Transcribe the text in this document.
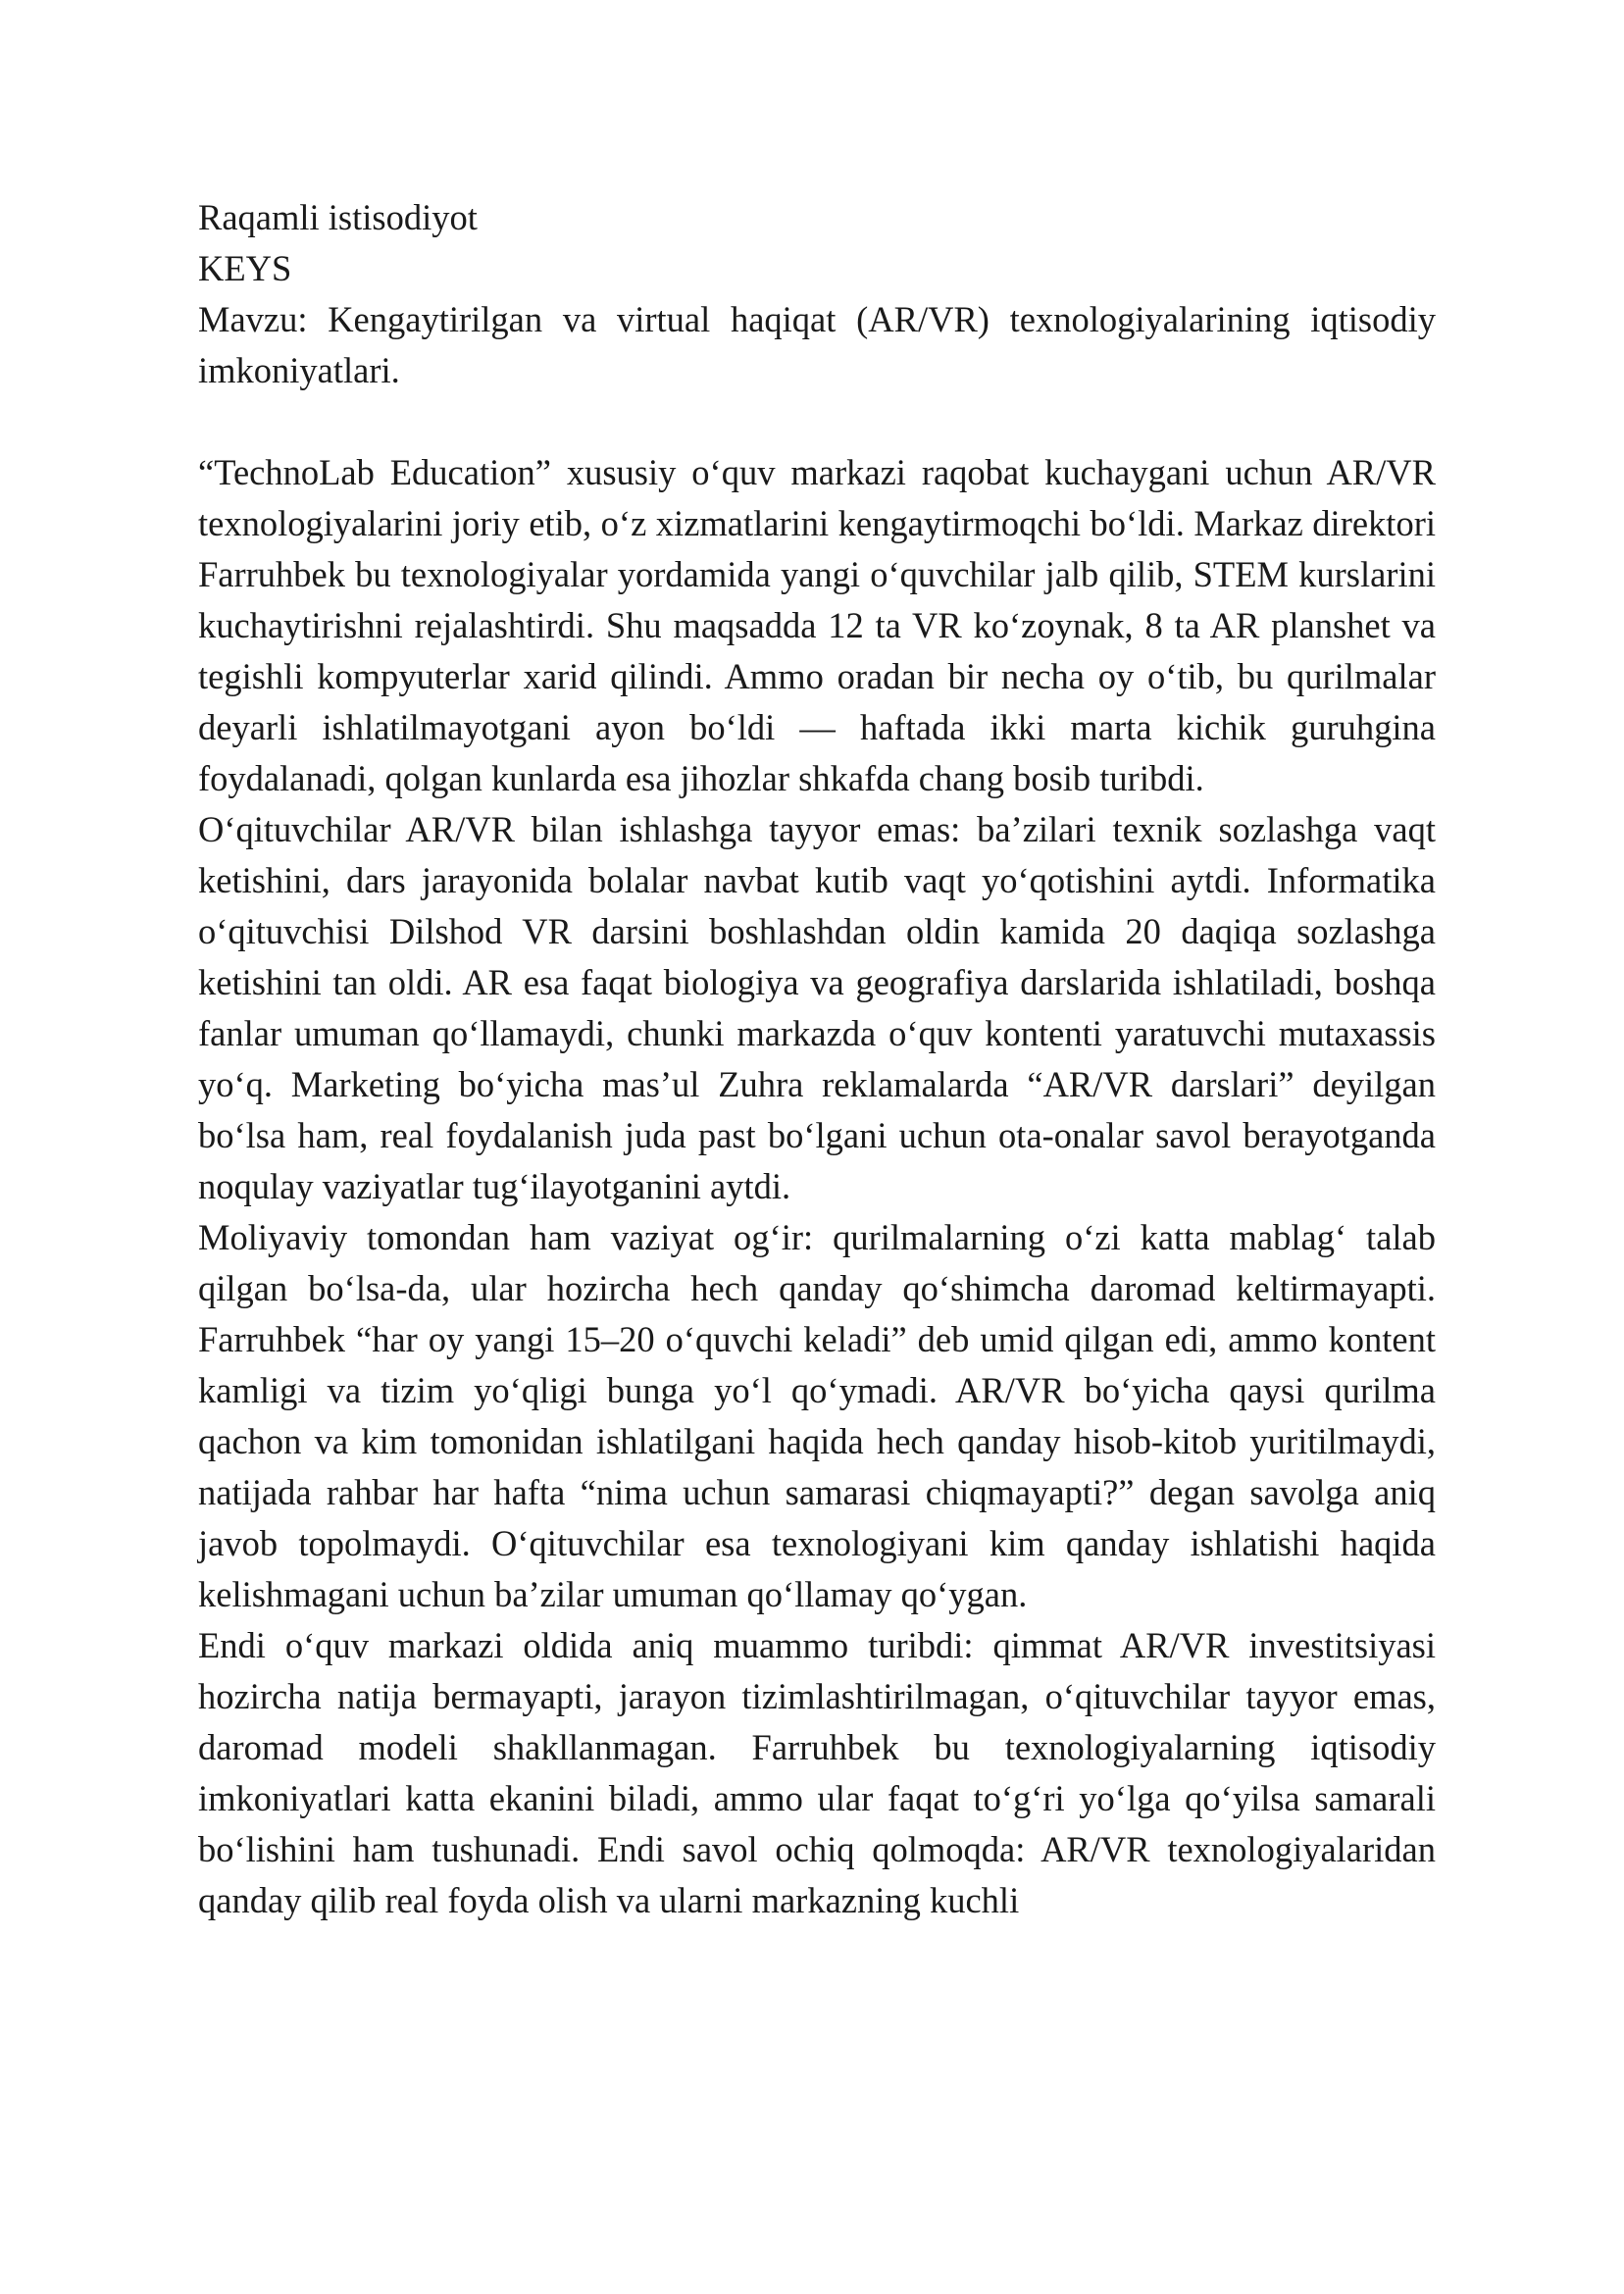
Raqamli istisodiyot

KEYS

Mavzu: Kengaytirilgan va virtual haqiqat (AR/VR) texnologiyalarining iqtisodiy imkoniyatlari.

“TechnoLab Education” xususiy o‘quv markazi raqobat kuchaygani uchun AR/VR texnologiyalarini joriy etib, o‘z xizmatlarini kengaytirmoqchi bo‘ldi. Markaz direktori Farruhbek bu texnologiyalar yordamida yangi o‘quvchilar jalb qilib, STEM kurslarini kuchaytirishni rejalashtirdi. Shu maqsadda 12 ta VR ko‘zoynak, 8 ta AR planshet va tegishli kompyuterlar xarid qilindi. Ammo oradan bir necha oy o‘tib, bu qurilmalar deyarli ishlatilmayotgani ayon bo‘ldi — haftada ikki marta kichik guruhgina foydalanadi, qolgan kunlarda esa jihozlar shkafda chang bosib turibdi.

O‘qituvchilar AR/VR bilan ishlashga tayyor emas: ba’zilari texnik sozlashga vaqt ketishini, dars jarayonida bolalar navbat kutib vaqt yo‘qotishini aytdi. Informatika o‘qituvchisi Dilshod VR darsini boshlashdan oldin kamida 20 daqiqa sozlashga ketishini tan oldi. AR esa faqat biologiya va geografiya darslarida ishlatiladi, boshqa fanlar umuman qo‘llamaydi, chunki markazda o‘quv kontenti yaratuvchi mutaxassis yo‘q. Marketing bo‘yicha mas’ul Zuhra reklamalarda “AR/VR darslari” deyilgan bo‘lsa ham, real foydalanish juda past bo‘lgani uchun ota-onalar savol berayotganda noqulay vaziyatlar tug‘ilayotganini aytdi.

Moliyaviy tomondan ham vaziyat og‘ir: qurilmalarning o‘zi katta mablag‘ talab qilgan bo‘lsa-da, ular hozircha hech qanday qo‘shimcha daromad keltirmayapti. Farruhbek “har oy yangi 15–20 o‘quvchi keladi” deb umid qilgan edi, ammo kontent kamligi va tizim yo‘qligi bunga yo‘l qo‘ymadi. AR/VR bo‘yicha qaysi qurilma qachon va kim tomonidan ishlatilgani haqida hech qanday hisob-kitob yuritilmaydi, natijada rahbar har hafta “nima uchun samarasi chiqmayapti?” degan savolga aniq javob topolmaydi. O‘qituvchilar esa texnologiyani kim qanday ishlatishi haqida kelishmagani uchun ba’zilar umuman qo‘llamay qo‘ygan.

Endi o‘quv markazi oldida aniq muammo turibdi: qimmat AR/VR investitsiyasi hozircha natija bermayapti, jarayon tizimlashtirilmagan, o‘qituvchilar tayyor emas, daromad modeli shakllanmagan. Farruhbek bu texnologiyalarning iqtisodiy imkoniyatlari katta ekanini biladi, ammo ular faqat to‘g‘ri yo‘lga qo‘yilsa samarali bo‘lishini ham tushunadi. Endi savol ochiq qolmoqda: AR/VR texnologiyalaridan qanday qilib real foyda olish va ularni markazning kuchli
